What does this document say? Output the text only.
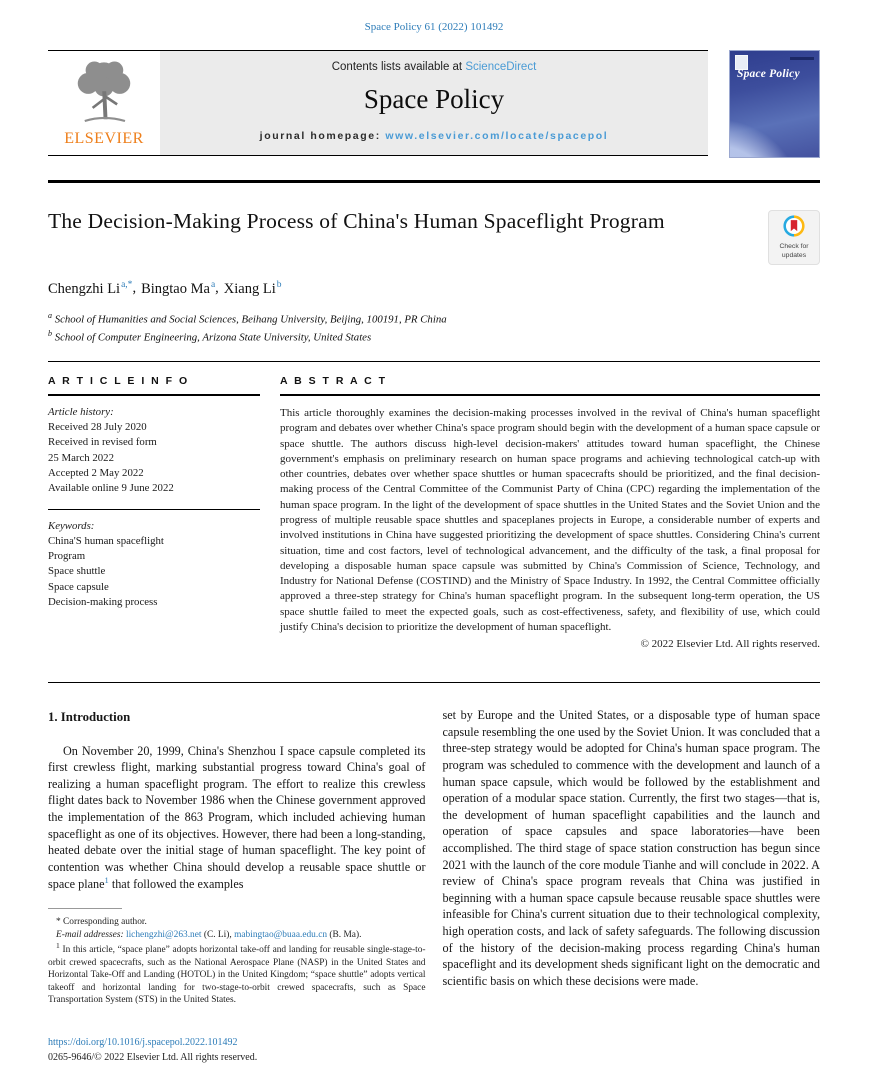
Space Policy 61 (2022) 101492
ELSEVIER
Contents lists available at ScienceDirect
Space Policy
journal homepage: www.elsevier.com/locate/spacepol
Space Policy
The Decision-Making Process of China's Human Spaceflight Program
Check for updates
Chengzhi $Li^{a,*}$, Bingtao Ma$^a$, Xiang Li$^b$
$^a$ School of Humanities and Social Sciences, Beihang University, Beijing, 100191, PR China
$^b$ School of Computer Engineering, Arizona State University, United States
A R T I C L E I N F O
Article history:
Received 28 July 2020
Received in revised form
25 March 2022
Accepted 2 May 2022
Available online 9 June 2022
Keywords:
China'S human spaceflight
Program
Space shuttle
Space capsule
Decision-making process
A B S T R A C T
This article thoroughly examines the decision-making processes involved in the revival of China's human spaceflight program and debates over whether China's space program should begin with the development of a human space capsule or space shuttle. The authors discuss high-level decision-makers' attitudes toward human spaceflight, the Chinese government's emphasis on preliminary research on human space programs and achieving technological catch-up with other countries, debates over whether space shuttles or human spacecrafts should be prioritized, and the final decision-making process of the Central Committee of the Communist Party of China (CPC) regarding the implementation of the human space program. In the light of the development of space shuttles in the United States and the Soviet Union and the progress of multiple reusable space shuttles and spaceplanes projects in Europe, a considerable number of experts and involved institutions in China have suggested prioritizing the development of space shuttles. Considering China's current situation, time and cost factors, level of technological advancement, and the difficulty of the task, a final proposal for developing a disposable human space capsule was submitted by China's Commission of Science, Technology, and Industry for National Defense (COSTIND) and the Ministry of Space Industry. In 1992, the Central Committee officially approved a three-step strategy for China's human spaceflight program. In the subsequent long-term operation, the US space shuttle failed to meet the expected goals, such as cost-effectiveness, safety, and flexibility of use, which could justify China's decision to prioritize the development of human spaceflight.
© 2022 Elsevier Ltd. All rights reserved.
1. Introduction

On November 20, 1999, China's Shenzhou I space capsule completed its first crewless flight, marking substantial progress toward China's goal of realizing a human spaceflight program. The effort to realize this crewless flight dates back to November 1986 when the Chinese government approved the implementation of the 863 Program, which included achieving human spaceflight as one of its objectives. However, there had been a long-standing, heated debate over the initial stage of human spaceflight. The key point of contention was whether China should develop a reusable space shuttle or space plane$^1$ that followed the examples

* Corresponding author.

E-mail addresses: lichengzhi@263.net (C. Li), mabingtao@buaa.edu.cn (B. Ma).

$^1$ In this article, “space plane” adopts horizontal take-off and landing for reusable single-stage-to-orbit crewed spacecrafts, such as the National Aerospace Plane (NASP) in the United States and Horizontal Take-Off and Landing (HOTOL) in the United Kingdom; “space shuttle” adopts vertical takeoff and horizontal landing for two-stage-to-orbit crewed spacecrafts, such as Space Transportation System (STS) in the United States.

set by Europe and the United States, or a disposable type of human space capsule resembling the one used by the Soviet Union. It was concluded that a three-step strategy would be adopted for China's human space program. The program was scheduled to commence with the development and launch of a human space capsule, which would be followed by the establishment and operation of a modular space station. Currently, the first two stages—that is, the development of human spaceflight capabilities and the launch and operation of space capsules and space laboratories—have been accomplished. The third stage of space station construction has begun since 2021 with the launch of the core module Tianhe and will conclude in 2022. A review of China's space program reveals that China was justified in beginning with a human space capsule because reusable space shuttles were infeasible for China's current situation due to their technological complexity, high operation costs, and lack of safety safeguards. The following discussion of the history of the decision-making process regarding China's human spaceflight and its development sheds significant light on the democratic and scientific basis on which these decisions were made.

https://doi.org/10.1016/j.spacepol.2022.101492
0265-9646/© 2022 Elsevier Ltd. All rights reserved.
